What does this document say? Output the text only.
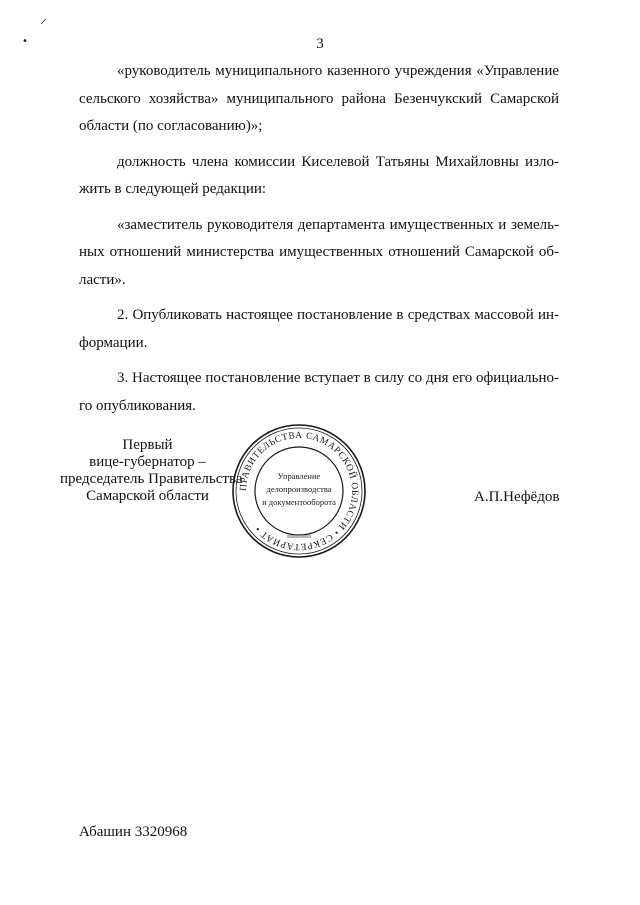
⸝
•	3
«руководитель муниципального казенного учреждения «Управление
сельского хозяйства» муниципального района Безенчукский Самарской
области (по согласованию)»;
должность члена комиссии Киселевой Татьяны Михайловны изло-
жить в следующей редакции:
«заместитель руководителя департамента имущественных и земель-
ных отношений министерства имущественных отношений Самарской об-
ласти».
2. Опубликовать настоящее постановление в средствах массовой ин-
формации.
3. Настоящее постановление вступает в силу со дня его официально-
го опубликования.
Первый
вице-губернатор –
председатель Правительства
Самарской области
ПРАВИТЕЛЬСТВА САМАРСКОЙ ОБЛАСТИ • СЕКРЕТАРИАТ •
Управление
делопроизводства
и документооборота	А.П.Нефёдов
Абашин 3320968
